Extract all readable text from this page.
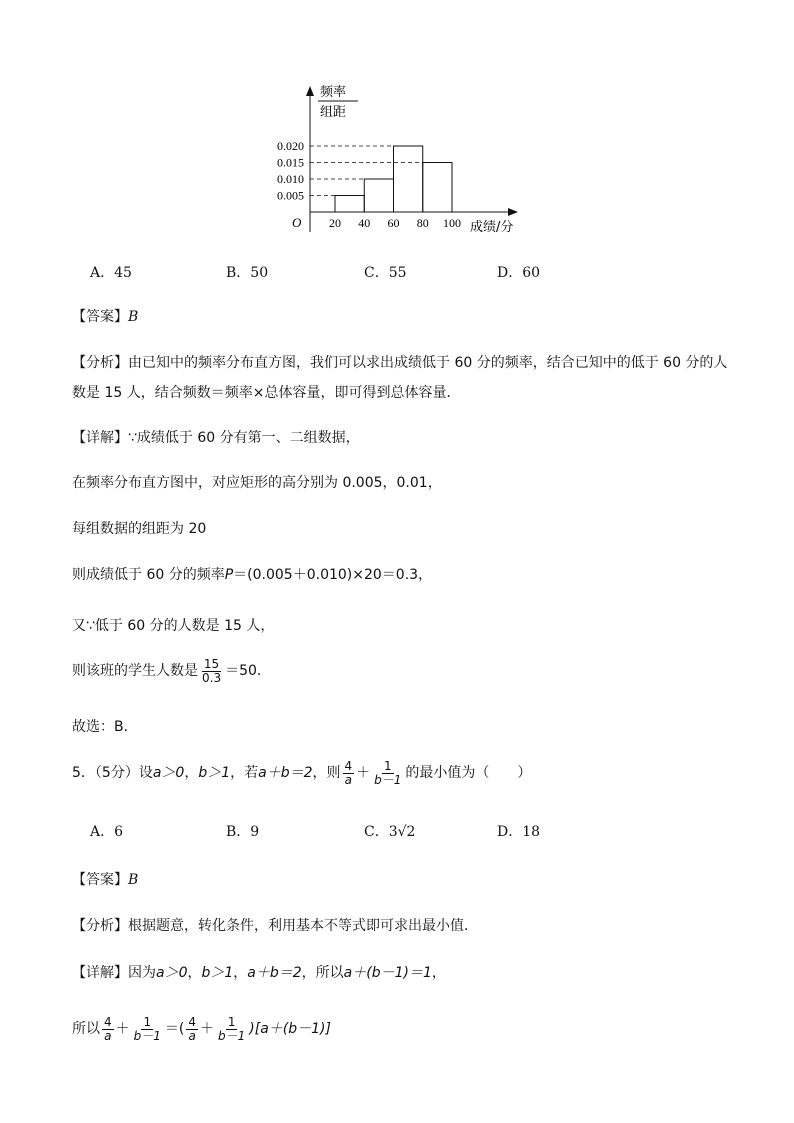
频率
组距
成绩/分
O 20 40 60 80 100
0.020
0.015
0.010
0.005
A．45	B．50	C．55	D．60
【答案】B
【分析】由已知中的频率分布直方图，我们可以求出成绩低于 60 分的频率，结合已知中的低于 60 分的人
数是 15 人，结合频数＝频率×总体容量，即可得到总体容量．
【详解】∵成绩低于 60 分有第一、二组数据，
在频率分布直方图中，对应矩形的高分别为 0.005，0.01，
每组数据的组距为 20
则成绩低于 60 分的频率P＝(0.005＋0.010)×20＝0.3，
又∵低于 60 分的人数是 15 人，
则该班的学生人数是 $\frac{15}{0.3} =50$．
故选：B．
5．（5分）设a＞0，b＞1，若a＋b＝2，则 $\frac{4}{a} + \frac{1}{b-1}$ 的最小值为（　　）
A．6	B．9	C．3√2	D．18
【答案】B
【分析】根据题意，转化条件，利用基本不等式即可求出最小值．
【详解】因为a＞0，b＞1，a＋b＝2，所以a＋(b－1)＝1，
所以 $\frac{4}{a} + \frac{1}{b-1}$ ＝( $\frac{4}{a} + \frac{1}{b-1} )[a+(b-1)]$
